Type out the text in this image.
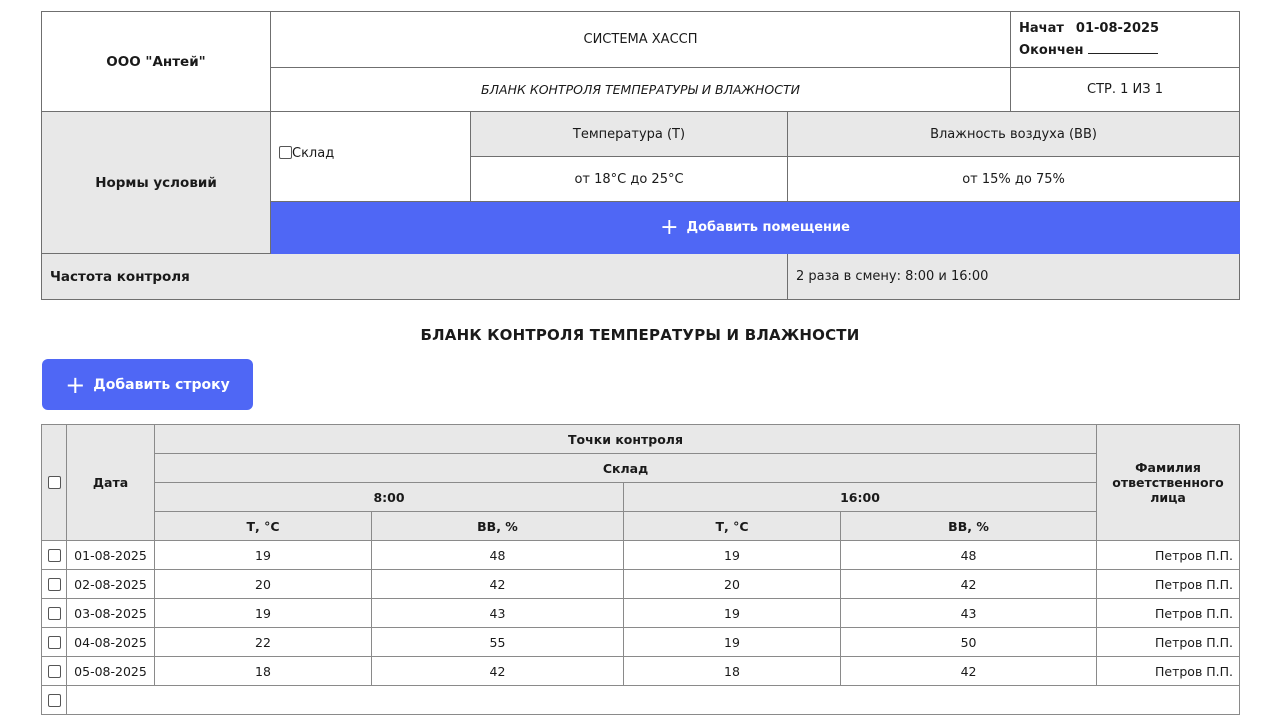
ООО "Антей"	СИСТЕМА ХАССП			Начат 01-08-2025
Окончен

	БЛАНК КОНТРОЛЯ ТЕМПЕРАТУРЫ И ВЛАЖНОСТИ			СТР. 1 ИЗ 1
Нормы условий	Склад	Температура (Т)	Влажность воздуха (ВВ)	
		от 18°С до 25°С	от 15% до 75%	
	+ Добавить помещение			
Частота контроля			2 раза в смену: 8:00 и 16:00	
БЛАНК КОНТРОЛЯ ТЕМПЕРАТУРЫ И ВЛАЖНОСТИ
+ Добавить строку
	Дата	Точки контроля				Фамилия ответственного лица
		Склад				
		8:00		16:00		
		Т, °С	ВВ, %	Т, °С	ВВ, %	
	01-08-2025	19	48	19	48	Петров П.П.
	02-08-2025	20	42	20	42	Петров П.П.
	03-08-2025	19	43	19	43	Петров П.П.
	04-08-2025	22	55	19	50	Петров П.П.
	05-08-2025	18	42	18	42	Петров П.П.
